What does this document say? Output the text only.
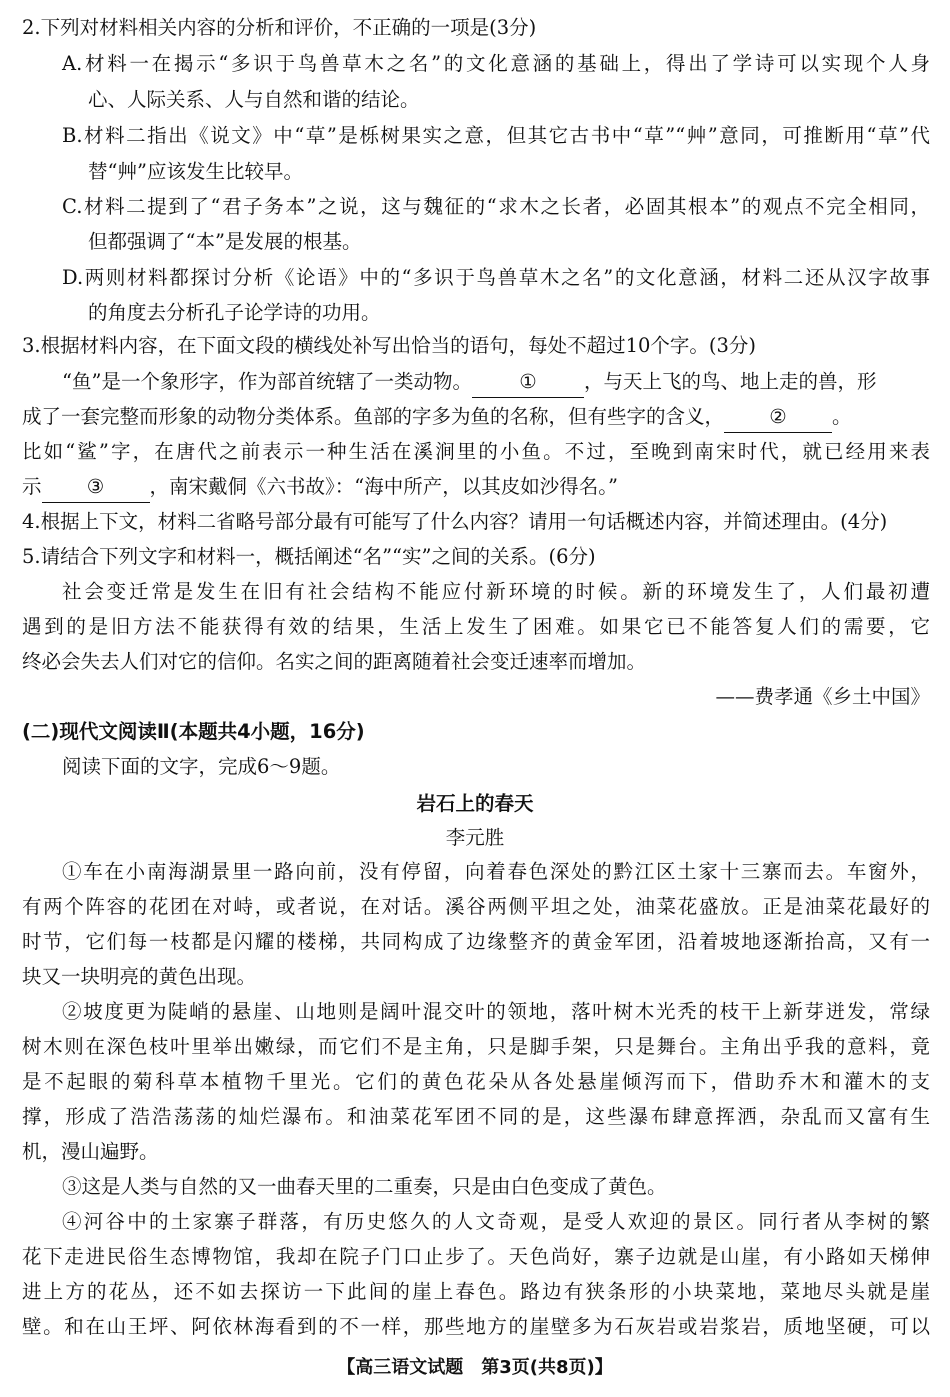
2.下列对材料相关内容的分析和评价，不正确的一项是(3分)
A.材料一在揭示“多识于鸟兽草木之名”的文化意涵的基础上，得出了学诗可以实现个人身
心、人际关系、人与自然和谐的结论。
B.材料二指出《说文》中“草”是栎树果实之意，但其它古书中“草”“艸”意同，可推断用“草”代
替“艸”应该发生比较早。
C.材料二提到了“君子务本”之说，这与魏征的“求木之长者，必固其根本”的观点不完全相同，
但都强调了“本”是发展的根基。
D.两则材料都探讨分析《论语》中的“多识于鸟兽草木之名”的文化意涵，材料二还从汉字故事
的角度去分析孔子论学诗的功用。
3.根据材料内容，在下面文段的横线处补写出恰当的语句，每处不超过10个字。(3分)
“鱼”是一个象形字，作为部首统辖了一类动物。 ① ，与天上飞的鸟、地上走的兽，形
成了一套完整而形象的动物分类体系。鱼部的字多为鱼的名称，但有些字的含义， ② 。
比如“鲨”字，在唐代之前表示一种生活在溪涧里的小鱼。不过，至晚到南宋时代，就已经用来表
示 ③ ，南宋戴侗《六书故》：“海中所产，以其皮如沙得名。”
4.根据上下文，材料二省略号部分最有可能写了什么内容？请用一句话概述内容，并简述理由。(4分)
5.请结合下列文字和材料一，概括阐述“名”“实”之间的关系。(6分)
社会变迁常是发生在旧有社会结构不能应付新环境的时候。新的环境发生了，人们最初遭
遇到的是旧方法不能获得有效的结果，生活上发生了困难。如果它已不能答复人们的需要，它
终必会失去人们对它的信仰。名实之间的距离随着社会变迁速率而增加。
——费孝通《乡土中国》
(二)现代文阅读Ⅱ(本题共4小题，16分)
阅读下面的文字，完成6～9题。
岩石上的春天
李元胜
①车在小南海湖景里一路向前，没有停留，向着春色深处的黔江区土家十三寨而去。车窗外，
有两个阵容的花团在对峙，或者说，在对话。溪谷两侧平坦之处，油菜花盛放。正是油菜花最好的
时节，它们每一枝都是闪耀的楼梯，共同构成了边缘整齐的黄金军团，沿着坡地逐渐抬高，又有一
块又一块明亮的黄色出现。
②坡度更为陡峭的悬崖、山地则是阔叶混交叶的领地，落叶树木光秃的枝干上新芽迸发，常绿
树木则在深色枝叶里举出嫩绿，而它们不是主角，只是脚手架，只是舞台。主角出乎我的意料，竟
是不起眼的菊科草本植物千里光。它们的黄色花朵从各处悬崖倾泻而下，借助乔木和灌木的支
撑，形成了浩浩荡荡的灿烂瀑布。和油菜花军团不同的是，这些瀑布肆意挥洒，杂乱而又富有生
机，漫山遍野。
③这是人类与自然的又一曲春天里的二重奏，只是由白色变成了黄色。
④河谷中的土家寨子群落，有历史悠久的人文奇观，是受人欢迎的景区。同行者从李树的繁
花下走进民俗生态博物馆，我却在院子门口止步了。天色尚好，寨子边就是山崖，有小路如天梯伸
进上方的花丛，还不如去探访一下此间的崖上春色。路边有狭条形的小块菜地，菜地尽头就是崖
壁。和在山王坪、阿依林海看到的不一样，那些地方的崖壁多为石灰岩或岩浆岩，质地坚硬，可以
【高三语文试题　第3页(共8页)】
